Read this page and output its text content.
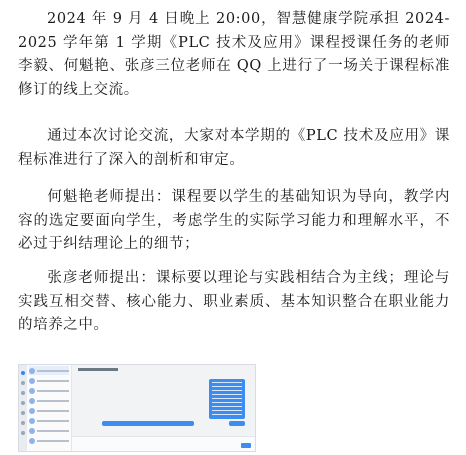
2024 年 9 月 4 日晚上 20:00，智慧健康学院承担 2024-2025 学年第 1 学期《PLC 技术及应用》课程授课任务的老师李毅、何魁艳、张彦三位老师在 QQ 上进行了一场关于课程标准修订的线上交流。

通过本次讨论交流，大家对本学期的《PLC 技术及应用》课程标准进行了深入的剖析和审定。

何魁艳老师提出：课程要以学生的基础知识为导向，教学内容的选定要面向学生，考虑学生的实际学习能力和理解水平，不必过于纠结理论上的细节；

张彦老师提出：课标要以理论与实践相结合为主线；理论与实践互相交替、核心能力、职业素质、基本知识整合在职业能力的培养之中。
